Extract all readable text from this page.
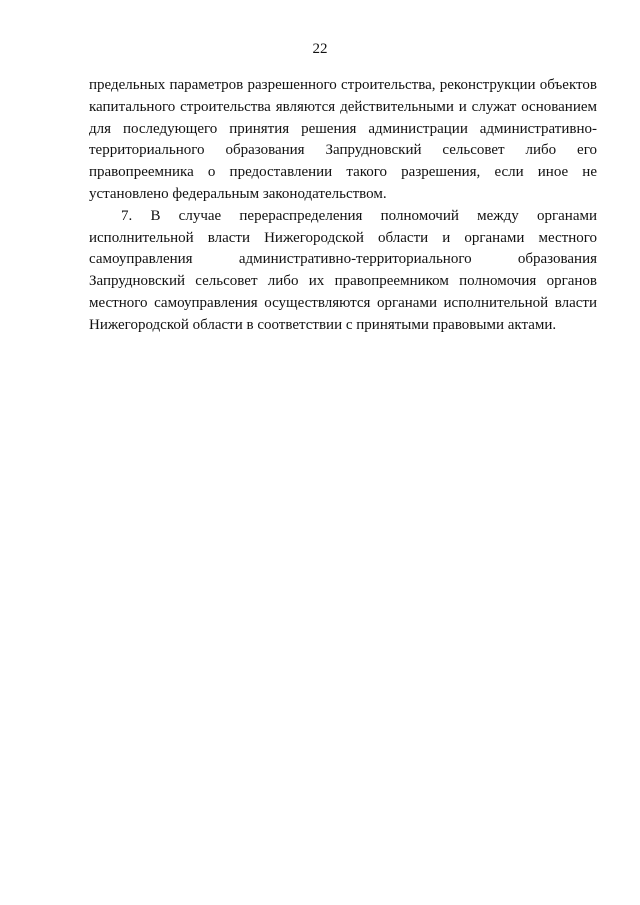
22

предельных параметров разрешенного строительства, реконструкции объектов капитального строительства являются действительными и служат основанием для последующего принятия решения администрации административно-территориального образования Запрудновский сельсовет либо его правопреемника о предоставлении такого разрешения, если иное не установлено федеральным законодательством.

7. В случае перераспределения полномочий между органами исполнительной власти Нижегородской области и органами местного самоуправления административно-территориального образования Запрудновский сельсовет либо их правопреемником полномочия органов местного самоуправления осуществляются органами исполнительной власти Нижегородской области в соответствии с принятыми правовыми актами.
